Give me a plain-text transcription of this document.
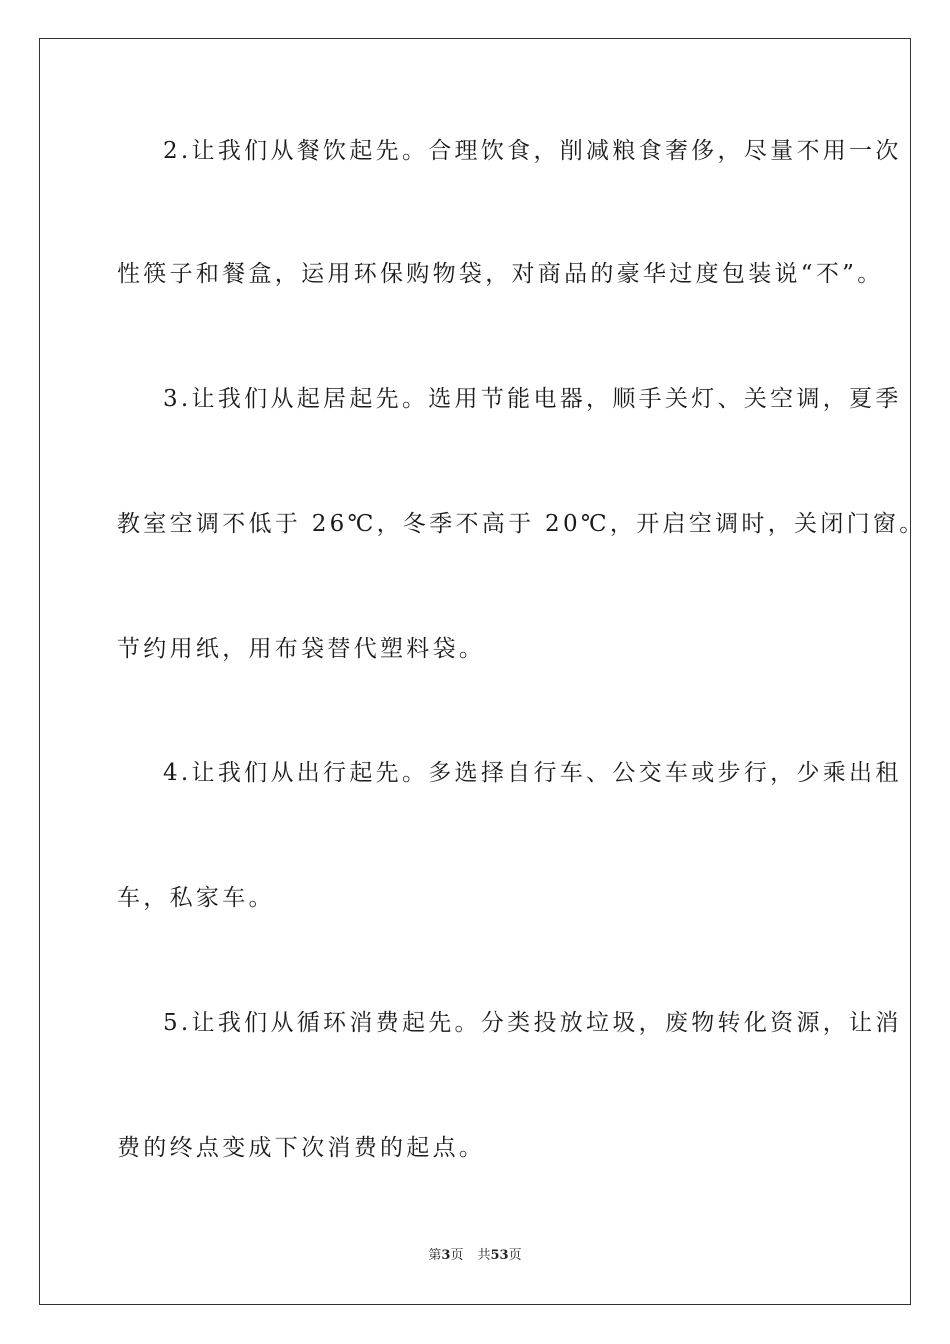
2.让我们从餐饮起先。合理饮食，削减粮食奢侈，尽量不用一次
性筷子和餐盒，运用环保购物袋，对商品的豪华过度包装说“不”。
3.让我们从起居起先。选用节能电器，顺手关灯、关空调，夏季
教室空调不低于 26℃，冬季不高于 20℃，开启空调时，关闭门窗。
节约用纸，用布袋替代塑料袋。
4.让我们从出行起先。多选择自行车、公交车或步行，少乘出租
车，私家车。
5.让我们从循环消费起先。分类投放垃圾，废物转化资源，让消
费的终点变成下次消费的起点。
第3页 共53页
